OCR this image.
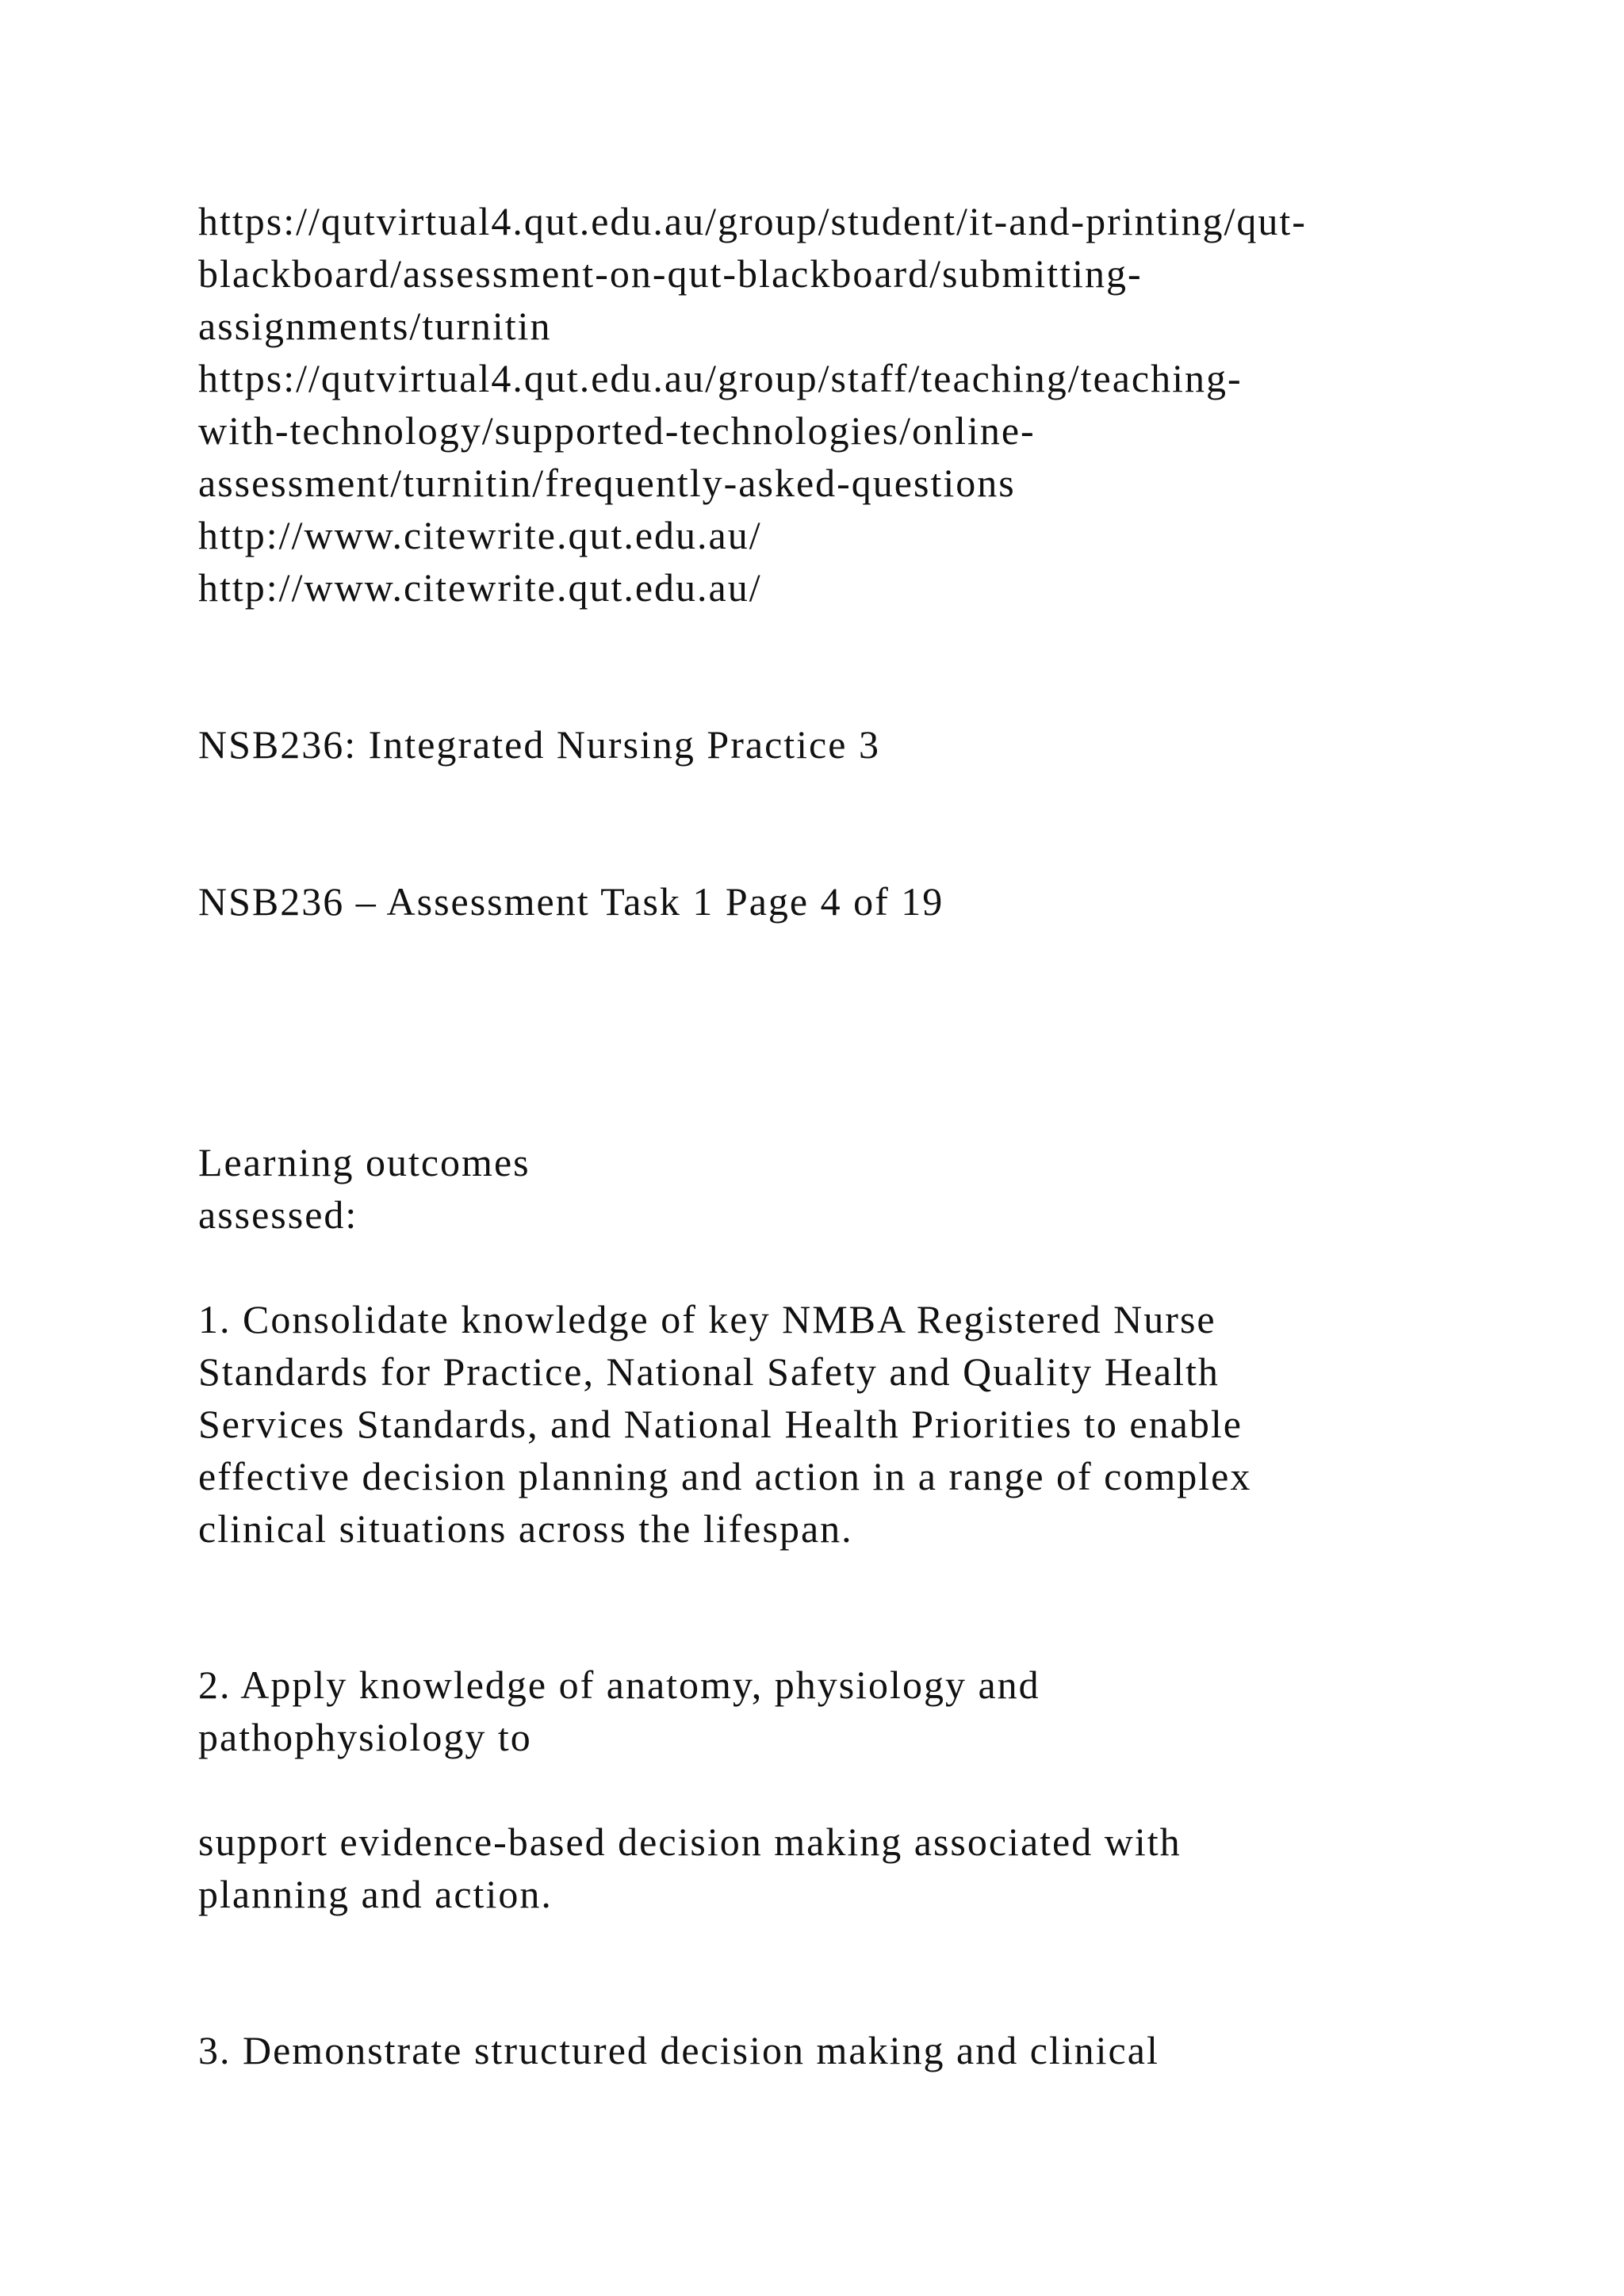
https://qutvirtual4.qut.edu.au/group/student/it-and-printing/qut-
blackboard/assessment-on-qut-blackboard/submitting-
assignments/turnitin
https://qutvirtual4.qut.edu.au/group/staff/teaching/teaching-
with-technology/supported-technologies/online-
assessment/turnitin/frequently-asked-questions
http://www.citewrite.qut.edu.au/
http://www.citewrite.qut.edu.au/
NSB236: Integrated Nursing Practice 3
NSB236 – Assessment Task 1 Page 4 of 19
Learning outcomes
assessed:
1. Consolidate knowledge of key NMBA Registered Nurse
Standards for Practice, National Safety and Quality Health
Services Standards, and National Health Priorities to enable
effective decision planning and action in a range of complex
clinical situations across the lifespan.
2. Apply knowledge of anatomy, physiology and
pathophysiology to
support evidence-based decision making associated with
planning and action.
3. Demonstrate structured decision making and clinical
